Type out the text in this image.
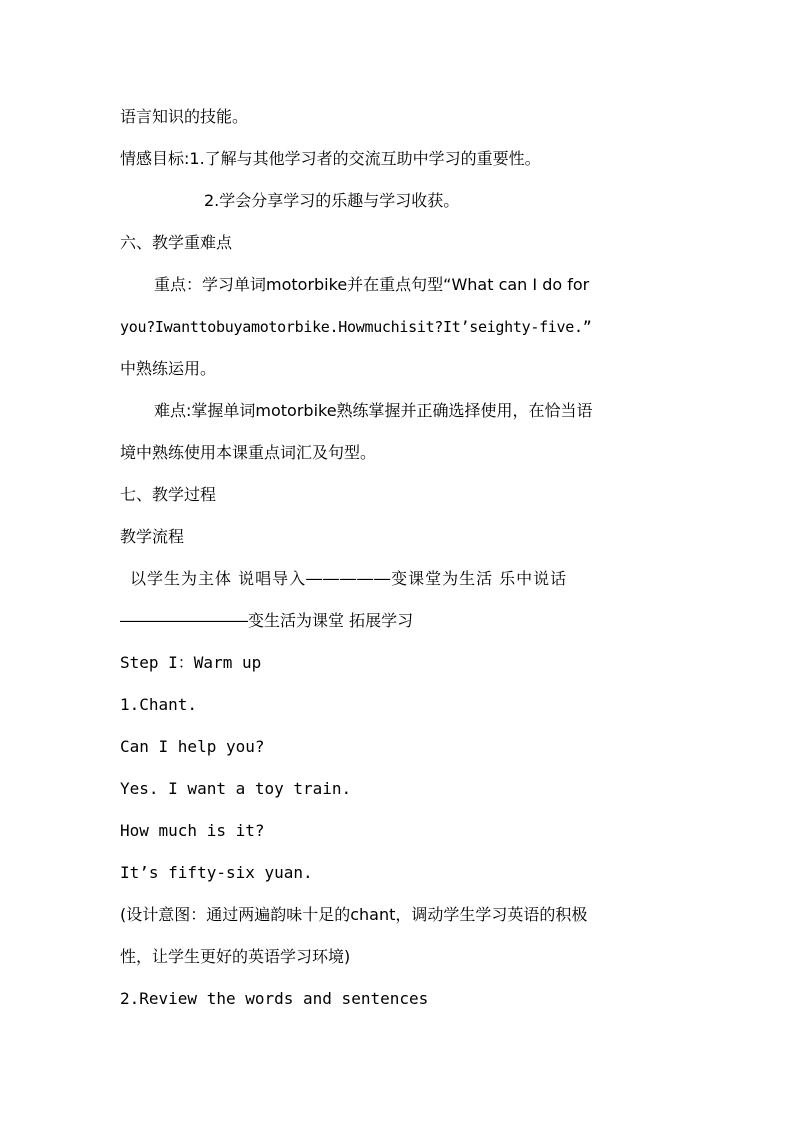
语言知识的技能。
情感目标:1.了解与其他学习者的交流互助中学习的重要性。
2.学会分享学习的乐趣与学习收获。
六、教学重难点
重点：学习单词motorbike并在重点句型“What can I do for
you?Iwanttobuyamotorbike.Howmuchisit?It’seighty-five.”
中熟练运用。
难点:掌握单词motorbike熟练掌握并正确选择使用，在恰当语
境中熟练使用本课重点词汇及句型。
七、教学过程
教学流程
以学生为主体 说唱导入―――――变课堂为生活 乐中说话
――――――――变生活为课堂 拓展学习
Step I：Warm up
1.Chant.
Can I help you?
Yes. I want a toy train.
How much is it?
It’s fifty-six yuan.
(设计意图：通过两遍韵味十足的chant，调动学生学习英语的积极
性，让学生更好的英语学习环境)
2.Review the words and sentences
